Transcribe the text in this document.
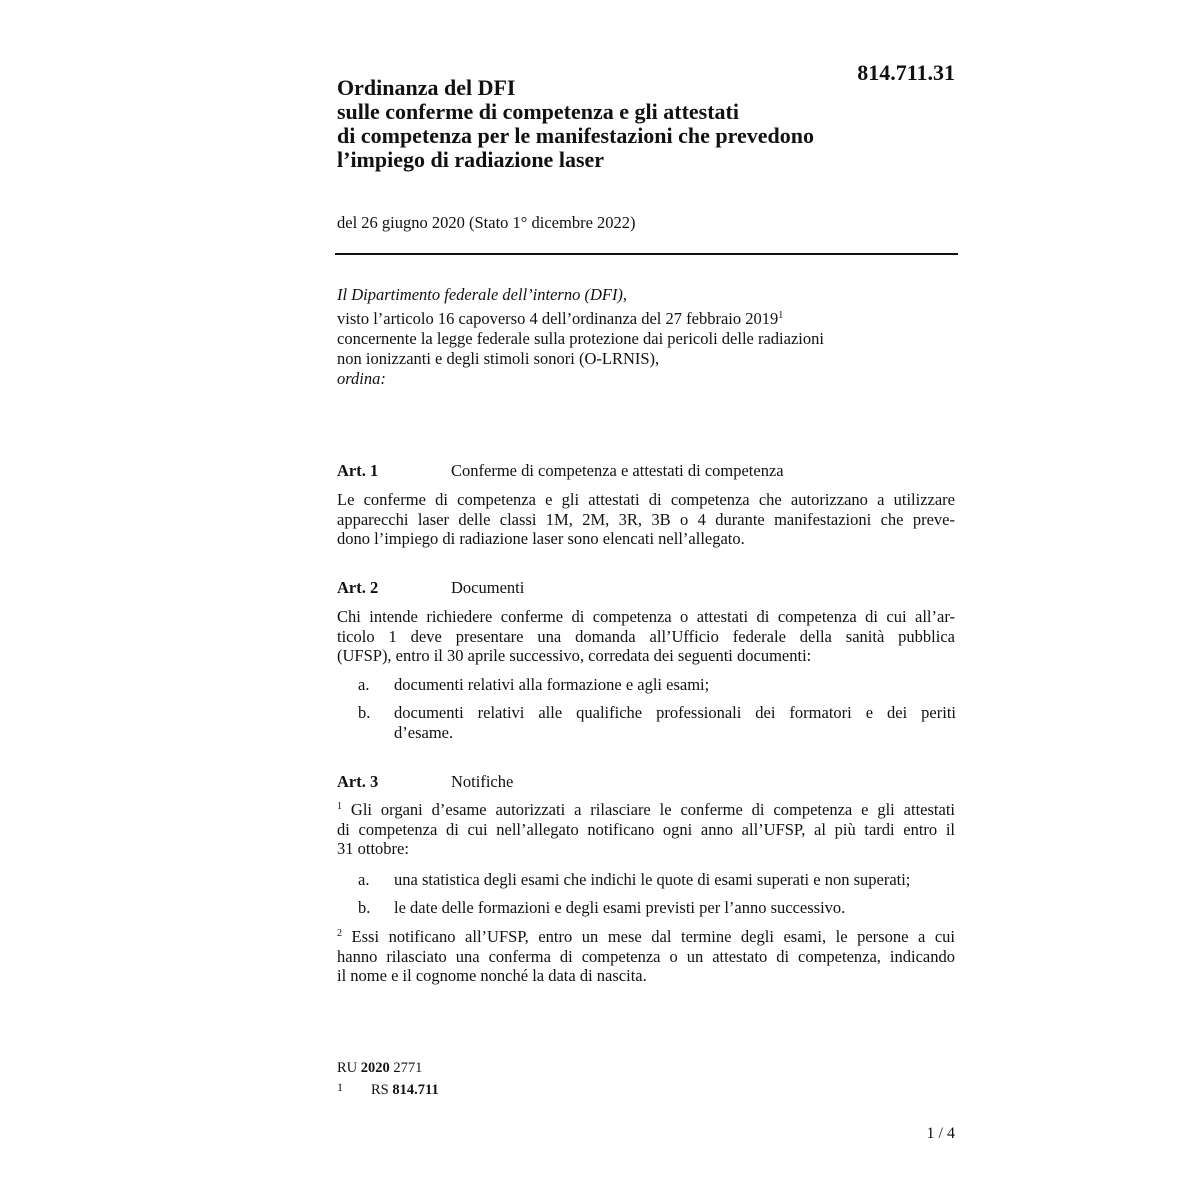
814.711.31
Ordinanza del DFI
sulle conferme di competenza e gli attestati
di competenza per le manifestazioni che prevedono
l’impiego di radiazione laser
del 26 giugno 2020 (Stato 1° dicembre 2022)
Il Dipartimento federale dell’interno (DFI),
visto l’articolo 16 capoverso 4 dell’ordinanza del 27 febbraio 2019$^1$
concernente la legge federale sulla protezione dai pericoli delle radiazioni
non ionizzanti e degli stimoli sonori (O-LRNIS),
ordina:
Art. 1	Conferme di competenza e attestati di competenza
Le conferme di competenza e gli attestati di competenza che autorizzano a utilizzare
apparecchi laser delle classi 1M, 2M, 3R, 3B o 4 durante manifestazioni che preve-
dono l’impiego di radiazione laser sono elencati nell’allegato.
Art. 2	Documenti
Chi intende richiedere conferme di competenza o attestati di competenza di cui all’ar-
ticolo 1 deve presentare una domanda all’Ufficio federale della sanità pubblica
(UFSP), entro il 30 aprile successivo, corredata dei seguenti documenti:
a.	documenti relativi alla formazione e agli esami;
b.	documenti relativi alle qualifiche professionali dei formatori e dei periti
d’esame.
Art. 3	Notifiche
$^1$ Gli organi d’esame autorizzati a rilasciare le conferme di competenza e gli attestati
di competenza di cui nell’allegato notificano ogni anno all’UFSP, al più tardi entro il
31 ottobre:
a.	una statistica degli esami che indichi le quote di esami superati e non superati;
b.	le date delle formazioni e degli esami previsti per l’anno successivo.
$^2$ Essi notificano all’UFSP, entro un mese dal termine degli esami, le persone a cui
hanno rilasciato una conferma di competenza o un attestato di competenza, indicando
il nome e il cognome nonché la data di nascita.
RU 2020 2771
1 RS 814.711
1 / 4
